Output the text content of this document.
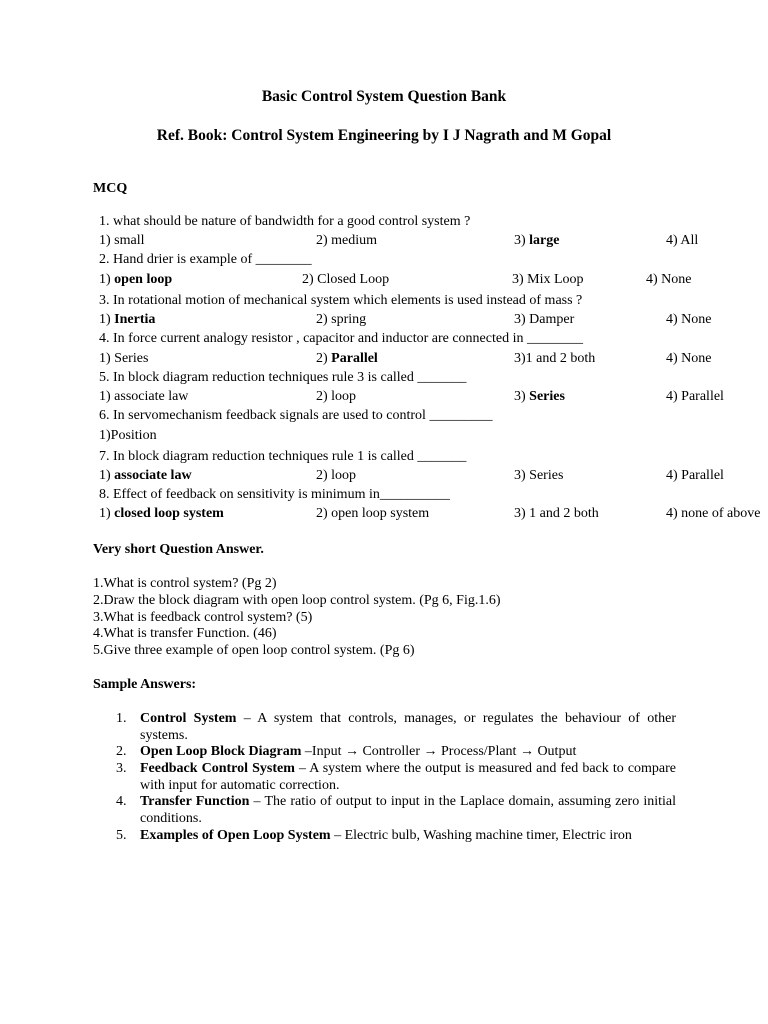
Basic Control System Question Bank
Ref. Book: Control System Engineering by I J Nagrath and M Gopal
MCQ
1. what should be nature of bandwidth for a good control system ?
1) small	2) medium	3) large	4) All
2. Hand drier is example of ________
1) open loop	2) Closed Loop	3) Mix Loop	4) None
3. In rotational motion of mechanical system which elements is used instead of mass ?
1) Inertia	2) spring	3) Damper	4) None
4. In force current analogy resistor , capacitor and inductor are connected in ________
1) Series	2) Parallel	3)1 and 2 both	4) None
5. In block diagram reduction techniques rule 3 is called _______
1) associate law	2) loop	3) Series	4) Parallel
6. In servomechanism feedback signals are used to control _________
1)Position
7. In block diagram reduction techniques rule 1 is called _______
1) associate law	2) loop	3) Series	4) Parallel
8. Effect of feedback on sensitivity is minimum in__________
1) closed loop system	2) open loop system	3) 1 and 2 both	4) none of above
Very short Question Answer.
1.What is control system? (Pg 2)
2.Draw the block diagram with open loop control system. (Pg 6, Fig.1.6)
3.What is feedback control system? (5)
4.What is transfer Function. (46)
5.Give three example of open loop control system. (Pg 6)
Sample Answers:
1. Control System – A system that controls, manages, or regulates the behaviour of other systems.
2. Open Loop Block Diagram –Input → Controller → Process/Plant → Output
3. Feedback Control System – A system where the output is measured and fed back to compare with input for automatic correction.
4. Transfer Function – The ratio of output to input in the Laplace domain, assuming zero initial conditions.
5. Examples of Open Loop System – Electric bulb, Washing machine timer, Electric iron
